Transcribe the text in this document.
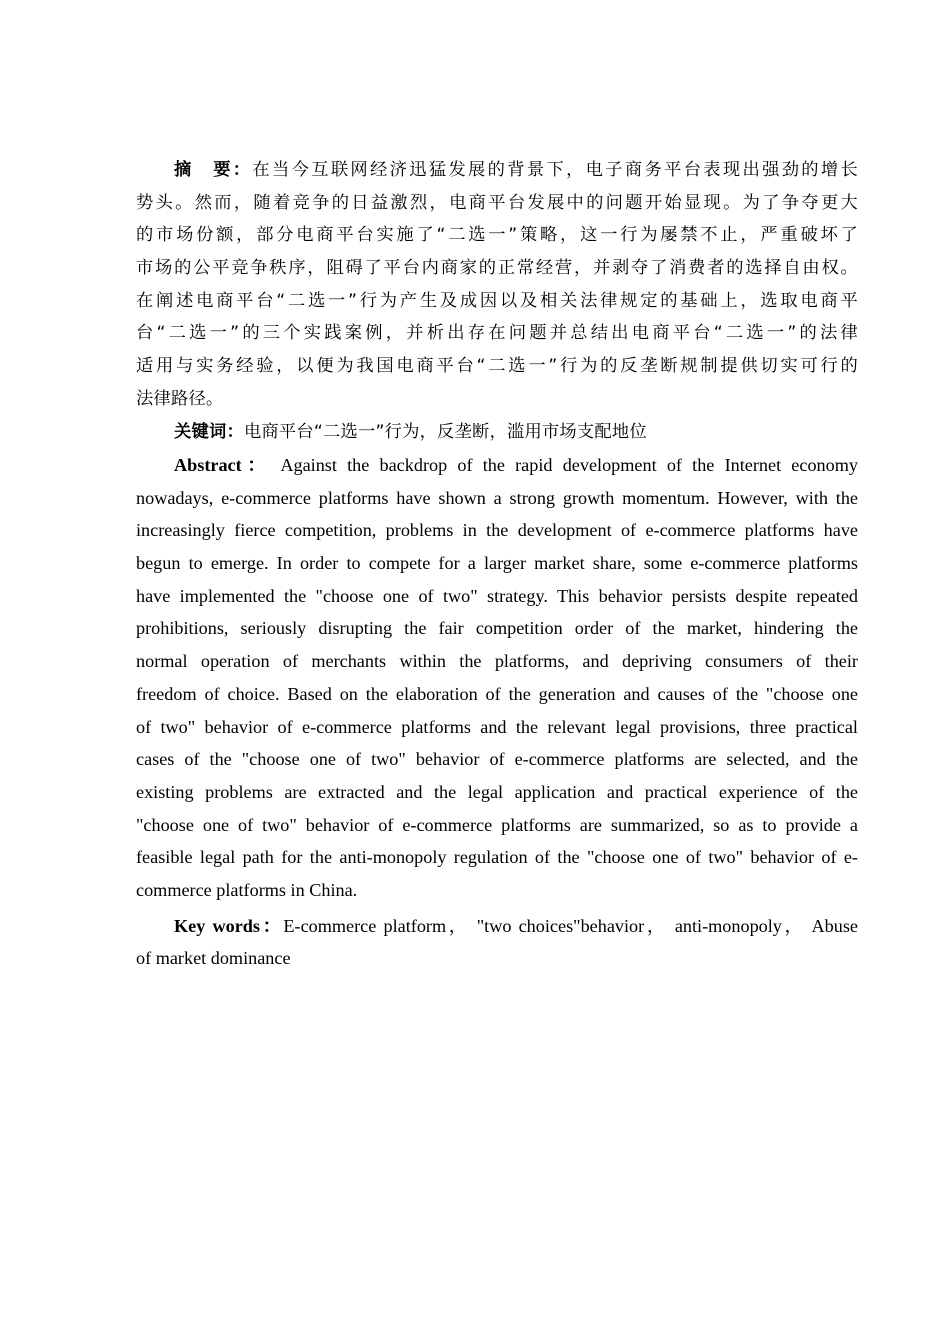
摘　要：在当今互联网经济迅猛发展的背景下，电子商务平台表现出强劲的增长
势头。然而，随着竞争的日益激烈，电商平台发展中的问题开始显现。为了争夺更大
的市场份额，部分电商平台实施了“二选一”策略，这一行为屡禁不止，严重破坏了
市场的公平竞争秩序，阻碍了平台内商家的正常经营，并剥夺了消费者的选择自由权。
在阐述电商平台“二选一”行为产生及成因以及相关法律规定的基础上，选取电商平
台“二选一”的三个实践案例，并析出存在问题并总结出电商平台“二选一”的法律
适用与实务经验，以便为我国电商平台“二选一”行为的反垄断规制提供切实可行的
法律路径。
关键词：电商平台“二选一”行为，反垄断，滥用市场支配地位
Abstract： Against the backdrop of the rapid development of the Internet economy
nowadays, e-commerce platforms have shown a strong growth momentum. However, with the
increasingly fierce competition, problems in the development of e-commerce platforms have
begun to emerge. In order to compete for a larger market share, some e-commerce platforms
have implemented the "choose one of two" strategy. This behavior persists despite repeated
prohibitions, seriously disrupting the fair competition order of the market, hindering the
normal operation of merchants within the platforms, and depriving consumers of their
freedom of choice. Based on the elaboration of the generation and causes of the "choose one
of two" behavior of e-commerce platforms and the relevant legal provisions, three practical
cases of the "choose one of two" behavior of e-commerce platforms are selected, and the
existing problems are extracted and the legal application and practical experience of the
"choose one of two" behavior of e-commerce platforms are summarized, so as to provide a
feasible legal path for the anti-monopoly regulation of the "choose one of two" behavior of e-
commerce platforms in China.
Key words：E-commerce platform， "two choices"behavior， anti-monopoly， Abuse
of market dominance
